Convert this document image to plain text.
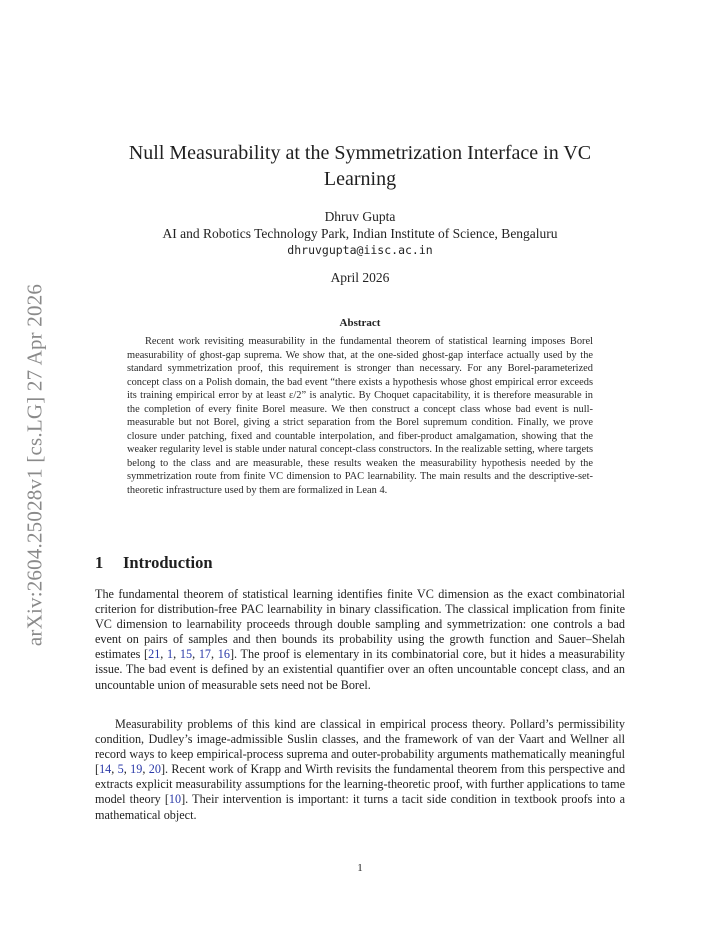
arXiv:2604.25028v1 [cs.LG] 27 Apr 2026
Null Measurability at the Symmetrization Interface in VC Learning
Dhruv Gupta
AI and Robotics Technology Park, Indian Institute of Science, Bengaluru
dhruvgupta@iisc.ac.in
April 2026
Abstract

Recent work revisiting measurability in the fundamental theorem of statistical learning imposes Borel measurability of ghost-gap suprema. We show that, at the one-sided ghost-gap interface actually used by the standard symmetrization proof, this requirement is stronger than necessary. For any Borel-parameterized concept class on a Polish domain, the bad event “there exists a hypothesis whose ghost empirical error exceeds its training empirical error by at least ε/2” is analytic. By Choquet capacitability, it is therefore measurable in the completion of every finite Borel measure. We then construct a concept class whose bad event is null-measurable but not Borel, giving a strict separation from the Borel supremum condition. Finally, we prove closure under patching, fixed and countable interpolation, and fiber-product amalgamation, showing that the weaker regularity level is stable under natural concept-class constructors. In the realizable setting, where targets belong to the class and are measurable, these results weaken the measurability hypothesis needed by the symmetrization route from finite VC dimension to PAC learnability. The main results and the descriptive-set-theoretic infrastructure used by them are formalized in Lean 4.

1 Introduction

The fundamental theorem of statistical learning identifies finite VC dimension as the exact combinatorial criterion for distribution-free PAC learnability in binary classification. The classical implication from finite VC dimension to learnability proceeds through double sampling and symmetrization: one controls a bad event on pairs of samples and then bounds its probability using the growth function and Sauer–Shelah estimates [21, 1, 15, 17, 16]. The proof is elementary in its combinatorial core, but it hides a measurability issue. The bad event is defined by an existential quantifier over an often uncountable concept class, and an uncountable union of measurable sets need not be Borel.

Measurability problems of this kind are classical in empirical process theory. Pollard’s permissibility condition, Dudley’s image-admissible Suslin classes, and the framework of van der Vaart and Wellner all record ways to keep empirical-process suprema and outer-probability arguments mathematically meaningful [14, 5, 19, 20]. Recent work of Krapp and Wirth revisits the fundamental theorem from this perspective and extracts explicit measurability assumptions for the learning-theoretic proof, with further applications to tame model theory [10]. Their intervention is important: it turns a tacit side condition in textbook proofs into a mathematical object.

1
